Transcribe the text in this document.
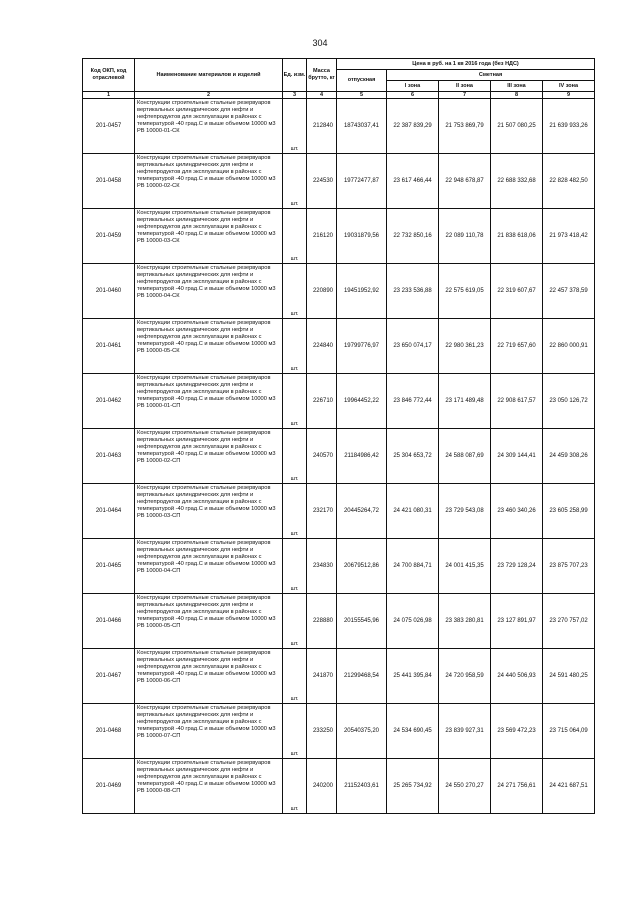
304
Код ОКП, код отраслевой	Наименование материалов и изделий	Ед. изм.	Масса брутто, кг	Цена в руб. на 1 кв 2016 года (без НДС)				
				отпускная	Сметная			
					I зона	II зона	III зона	IV зона
1	2	3	4	5	6	7	8	9
201-0457	Конструкции строительные стальные резервуаров вертикальных цилиндрических для нефти и нефтепродуктов для эксплуатации в районах с температурой -40 град.С и выше объемом 10000 м3 РВ 10000-01-СК	шт.	212840	18743037,41	22 387 839,29	21 753 869,79	21 507 080,25	21 639 933,26
201-0458	Конструкции строительные стальные резервуаров вертикальных цилиндрических для нефти и нефтепродуктов для эксплуатации в районах с температурой -40 град.С и выше объемом 10000 м3 РВ 10000-02-СК	шт.	224530	19772477,87	23 617 466,44	22 948 678,87	22 688 332,68	22 828 482,50
201-0459	Конструкции строительные стальные резервуаров вертикальных цилиндрических для нефти и нефтепродуктов для эксплуатации в районах с температурой -40 град.С и выше объемом 10000 м3 РВ 10000-03-СК	шт.	216120	19031879,56	22 732 850,16	22 089 110,78	21 838 618,06	21 973 418,42
201-0460	Конструкции строительные стальные резервуаров вертикальных цилиндрических для нефти и нефтепродуктов для эксплуатации в районах с температурой -40 град.С и выше объемом 10000 м3 РВ 10000-04-СК	шт.	220890	19451952,92	23 233 536,88	22 575 619,05	22 319 607,67	22 457 378,59
201-0461	Конструкции строительные стальные резервуаров вертикальных цилиндрических для нефти и нефтепродуктов для эксплуатации в районах с температурой -40 град.С и выше объемом 10000 м3 РВ 10000-05-СК	шт.	224840	19799776,97	23 650 074,17	22 980 361,23	22 719 657,60	22 860 000,91
201-0462	Конструкции строительные стальные резервуаров вертикальных цилиндрических для нефти и нефтепродуктов для эксплуатации в районах с температурой -40 град.С и выше объемом 10000 м3 РВ 10000-01-СП	шт.	226710	19964452,22	23 846 772,44	23 171 489,48	22 908 617,57	23 050 126,72
201-0463	Конструкции строительные стальные резервуаров вертикальных цилиндрических для нефти и нефтепродуктов для эксплуатации в районах с температурой -40 град.С и выше объемом 10000 м3 РВ 10000-02-СП	шт.	240570	21184986,42	25 304 653,72	24 588 087,69	24 309 144,41	24 459 308,26
201-0464	Конструкции строительные стальные резервуаров вертикальных цилиндрических для нефти и нефтепродуктов для эксплуатации в районах с температурой -40 град.С и выше объемом 10000 м3 РВ 10000-03-СП	шт.	232170	20445264,72	24 421 080,31	23 729 543,08	23 460 340,26	23 605 258,99
201-0465	Конструкции строительные стальные резервуаров вертикальных цилиндрических для нефти и нефтепродуктов для эксплуатации в районах с температурой -40 град.С и выше объемом 10000 м3 РВ 10000-04-СП	шт.	234830	20679512,86	24 700 884,71	24 001 415,35	23 729 128,24	23 875 707,23
201-0466	Конструкции строительные стальные резервуаров вертикальных цилиндрических для нефти и нефтепродуктов для эксплуатации в районах с температурой -40 град.С и выше объемом 10000 м3 РВ 10000-05-СП	шт.	228880	20155545,96	24 075 026,98	23 383 280,81	23 127 891,97	23 270 757,02
201-0467	Конструкции строительные стальные резервуаров вертикальных цилиндрических для нефти и нефтепродуктов для эксплуатации в районах с температурой -40 град.С и выше объемом 10000 м3 РВ 10000-06-СП	шт.	241870	21299468,54	25 441 395,84	24 720 958,59	24 440 506,93	24 591 480,25
201-0468	Конструкции строительные стальные резервуаров вертикальных цилиндрических для нефти и нефтепродуктов для эксплуатации в районах с температурой -40 град.С и выше объемом 10000 м3 РВ 10000-07-СП	шт.	233250	20540375,20	24 534 690,45	23 839 927,31	23 569 472,23	23 715 064,09
201-0469	Конструкции строительные стальные резервуаров вертикальных цилиндрических для нефти и нефтепродуктов для эксплуатации в районах с температурой -40 град.С и выше объемом 10000 м3 РВ 10000-08-СП	шт.	240200	21152403,61	25 265 734,92	24 550 270,27	24 271 756,61	24 421 687,51
